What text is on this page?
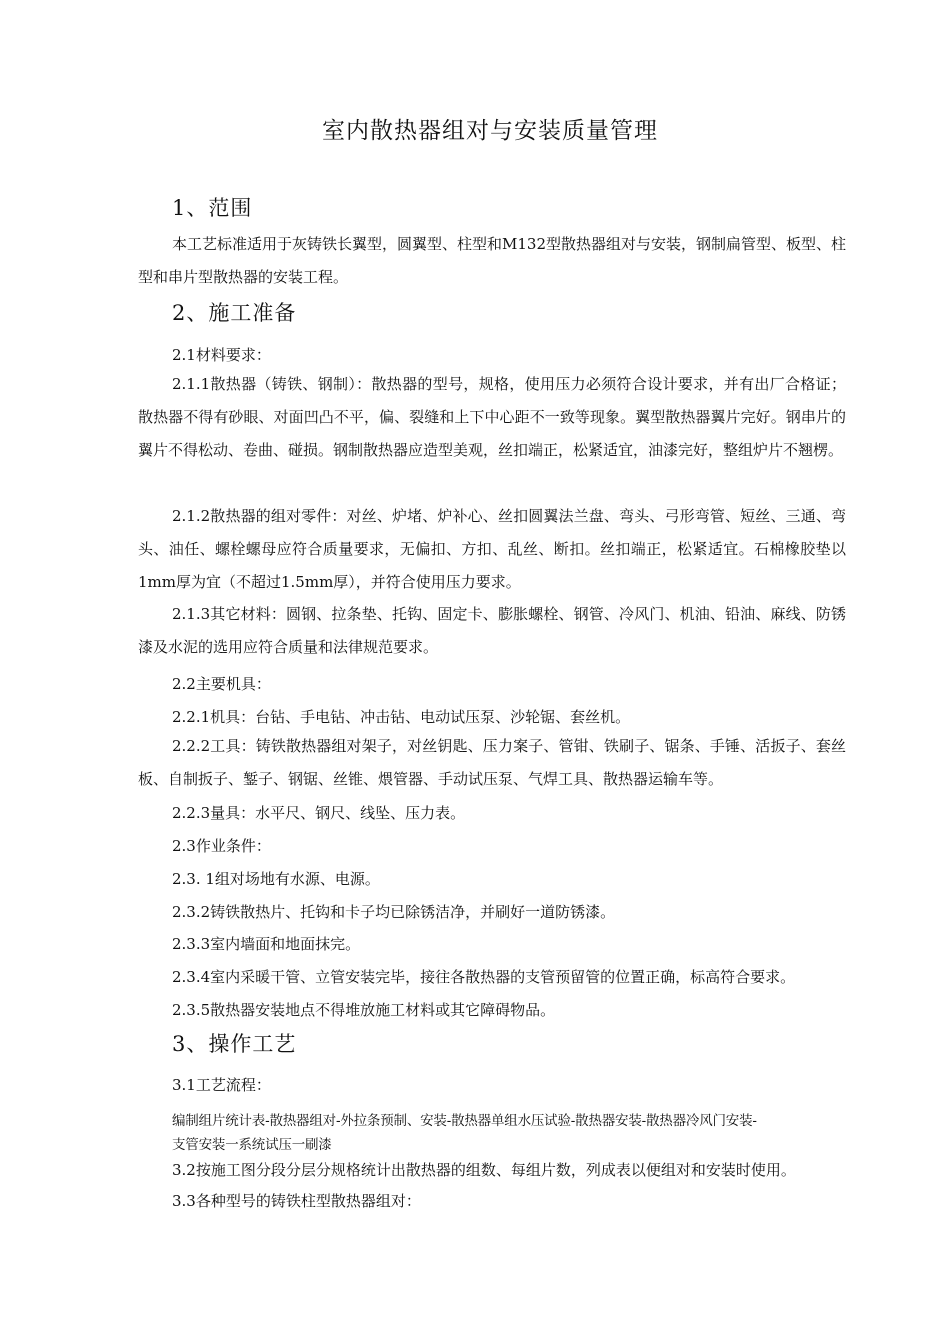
室内散热器组对与安装质量管理
1、范围

本工艺标准适用于灰铸铁长翼型，圆翼型、柱型和M132型散热器组对与安装，钢制扁管型、板型、柱型和串片型散热器的安装工程。

2、施工准备

2.1材料要求：

2.1.1散热器（铸铁、钢制）：散热器的型号，规格，使用压力必须符合设计要求，并有出厂合格证；散热器不得有砂眼、对面凹凸不平，偏、裂缝和上下中心距不一致等现象。翼型散热器翼片完好。钢串片的翼片不得松动、卷曲、碰损。钢制散热器应造型美观，丝扣端正，松紧适宜，油漆完好，整组炉片不翘楞。

2.1.2散热器的组对零件：对丝、炉堵、炉补心、丝扣圆翼法兰盘、弯头、弓形弯管、短丝、三通、弯头、油任、螺栓螺母应符合质量要求，无偏扣、方扣、乱丝、断扣。丝扣端正，松紧适宜。石棉橡胶垫以1mm厚为宜（不超过1.5mm厚），并符合使用压力要求。

2.1.3其它材料：圆钢、拉条垫、托钩、固定卡、膨胀螺栓、钢管、冷风门、机油、铅油、麻线、防锈漆及水泥的选用应符合质量和法律规范要求。

2.2主要机具：

2.2.1机具：台钻、手电钻、冲击钻、电动试压泵、沙轮锯、套丝机。

2.2.2工具：铸铁散热器组对架子，对丝钥匙、压力案子、管钳、铁刷子、锯条、手锤、活扳子、套丝板、自制扳子、錾子、钢锯、丝锥、煨管器、手动试压泵、气焊工具、散热器运输车等。

2.2.3量具：水平尺、钢尺、线坠、压力表。

2.3作业条件：

2.3. 1组对场地有水源、电源。

2.3.2铸铁散热片、托钩和卡子均已除锈洁净，并刷好一道防锈漆。

2.3.3室内墙面和地面抹完。

2.3.4室内采暖干管、立管安装完毕，接往各散热器的支管预留管的位置正确，标高符合要求。

2.3.5散热器安装地点不得堆放施工材料或其它障碍物品。

3、操作工艺

3.1工艺流程：

编制组片统计表-散热器组对-外拉条预制、安装-散热器单组水压试验-散热器安装-散热器冷风门安装-

支管安装一系统试压一刷漆

3.2按施工图分段分层分规格统计出散热器的组数、每组片数，列成表以便组对和安装时使用。

3.3各种型号的铸铁柱型散热器组对：
